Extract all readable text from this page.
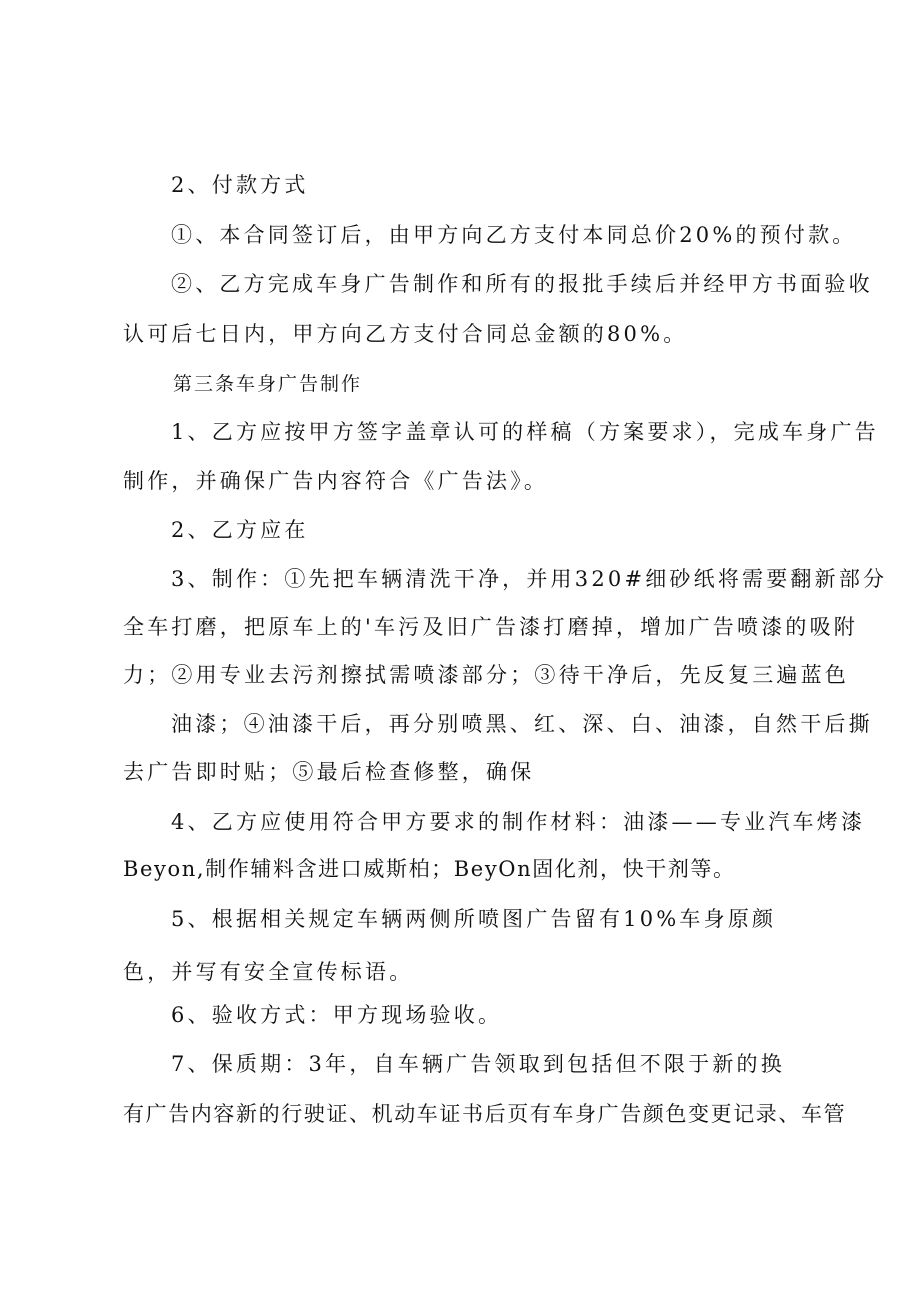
2、付款方式
①、本合同签订后，由甲方向乙方支付本同总价20%的预付款。
②、乙方完成车身广告制作和所有的报批手续后并经甲方书面验收
认可后七日内，甲方向乙方支付合同总金额的80%。
第三条车身广告制作
1、乙方应按甲方签字盖章认可的样稿（方案要求），完成车身广告
制作，并确保广告内容符合《广告法》。
2、乙方应在
3、制作：①先把车辆清洗干净，并用320#细砂纸将需要翻新部分
全车打磨，把原车上的'车污及旧广告漆打磨掉，增加广告喷漆的吸附
力；②用专业去污剂擦拭需喷漆部分；③待干净后，先反复三遍蓝色
油漆；④油漆干后，再分别喷黑、红、深、白、油漆，自然干后撕
去广告即时贴；⑤最后检查修整，确保
4、乙方应使用符合甲方要求的制作材料：油漆——专业汽车烤漆
Beyon,制作辅料含进口威斯柏；BeyOn固化剂，快干剂等。
5、根据相关规定车辆两侧所喷图广告留有10%车身原颜
色，并写有安全宣传标语。
6、验收方式：甲方现场验收。
7、保质期：3年，自车辆广告领取到包括但不限于新的换
有广告内容新的行驶证、机动车证书后页有车身广告颜色变更记录、车管
